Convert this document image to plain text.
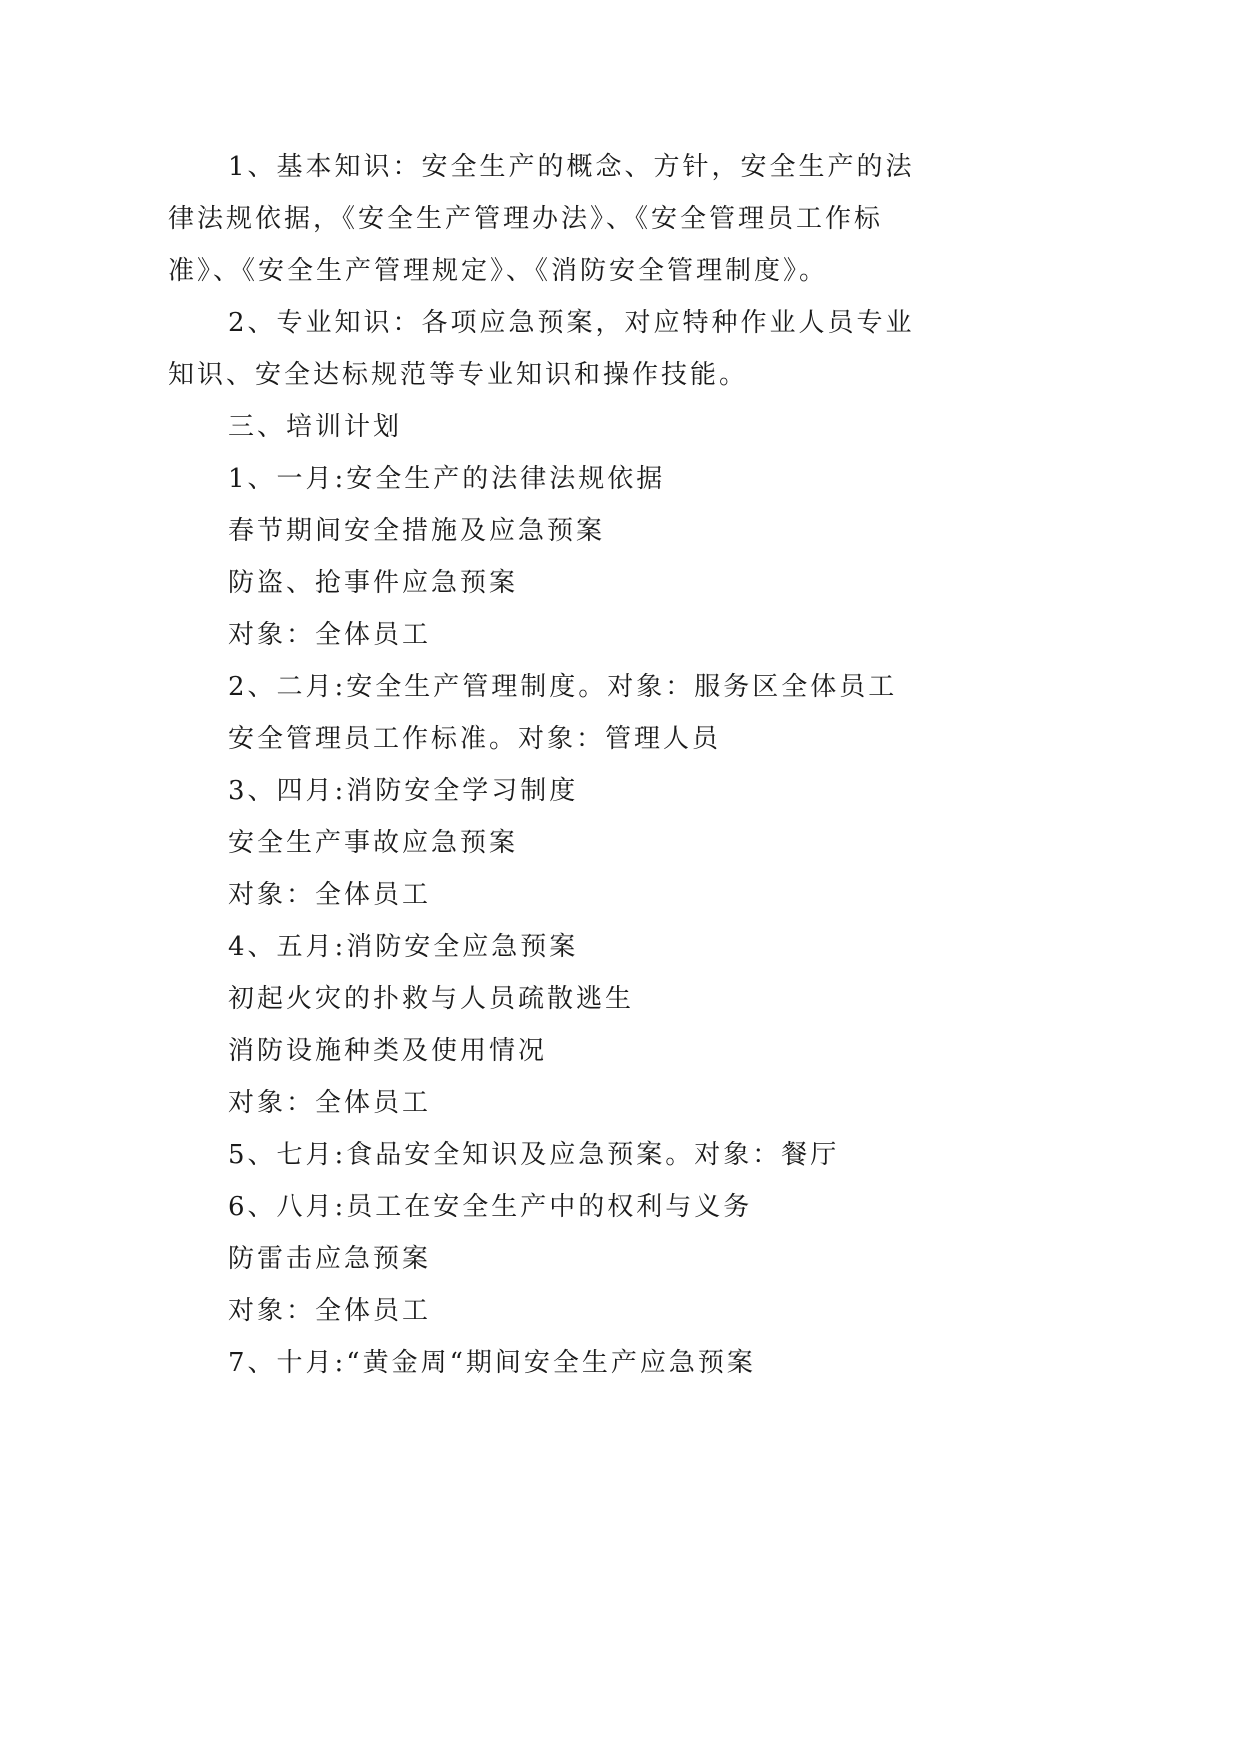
1、基本知识：安全生产的概念、方针，安全生产的法
律法规依据，《安全生产管理办法》、《安全管理员工作标
准》、《安全生产管理规定》、《消防安全管理制度》。
2、专业知识：各项应急预案，对应特种作业人员专业
知识、安全达标规范等专业知识和操作技能。
三、培训计划
1、一月:安全生产的法律法规依据
春节期间安全措施及应急预案
防盗、抢事件应急预案
对象：全体员工
2、二月:安全生产管理制度。对象：服务区全体员工
安全管理员工作标准。对象：管理人员
3、四月:消防安全学习制度
安全生产事故应急预案
对象：全体员工
4、五月:消防安全应急预案
初起火灾的扑救与人员疏散逃生
消防设施种类及使用情况
对象：全体员工
5、七月:食品安全知识及应急预案。对象：餐厅
6、八月:员工在安全生产中的权利与义务
防雷击应急预案
对象：全体员工
7、十月:“黄金周“期间安全生产应急预案
